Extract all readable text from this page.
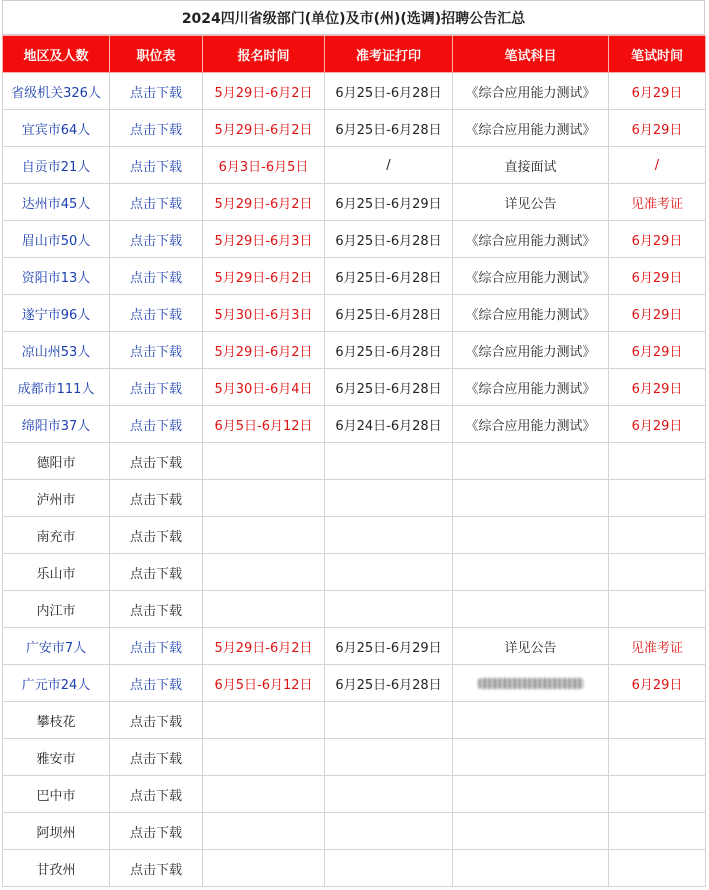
2024四川省级部门(单位)及市(州)(选调)招聘公告汇总
地区及人数	职位表	报名时间	准考证打印	笔试科目	笔试时间
省级机关326人	点击下载	5月29日-6月2日	6月25日-6月28日	《综合应用能力测试》	6月29日
宜宾市64人	点击下载	5月29日-6月2日	6月25日-6月28日	《综合应用能力测试》	6月29日
自贡市21人	点击下载	6月3日-6月5日	/	直接面试	/
达州市45人	点击下载	5月29日-6月2日	6月25日-6月29日	详见公告	见准考证
眉山市50人	点击下载	5月29日-6月3日	6月25日-6月28日	《综合应用能力测试》	6月29日
资阳市13人	点击下载	5月29日-6月2日	6月25日-6月28日	《综合应用能力测试》	6月29日
遂宁市96人	点击下载	5月30日-6月3日	6月25日-6月28日	《综合应用能力测试》	6月29日
凉山州53人	点击下载	5月29日-6月2日	6月25日-6月28日	《综合应用能力测试》	6月29日
成都市111人	点击下载	5月30日-6月4日	6月25日-6月28日	《综合应用能力测试》	6月29日
绵阳市37人	点击下载	6月5日-6月12日	6月24日-6月28日	《综合应用能力测试》	6月29日
德阳市	点击下载				
泸州市	点击下载				
南充市	点击下载				
乐山市	点击下载				
内江市	点击下载				
广安市7人	点击下载	5月29日-6月2日	6月25日-6月29日	详见公告	见准考证
广元市24人	点击下载	6月5日-6月12日	6月25日-6月28日		6月29日
攀枝花	点击下载				
雅安市	点击下载				
巴中市	点击下载				
阿坝州	点击下载				
甘孜州	点击下载				
